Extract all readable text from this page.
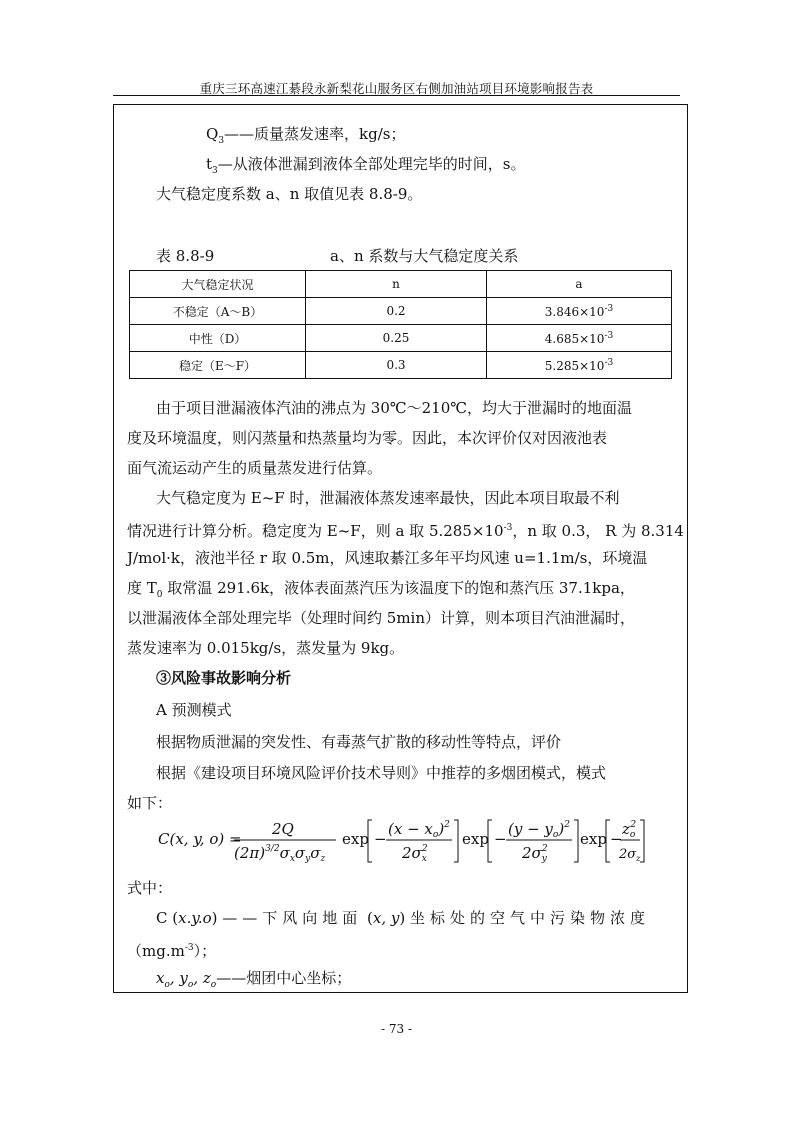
重庆三环高速江綦段永新梨花山服务区右侧加油站项目环境影响报告表
$Q_3——$质量蒸发速率，kg/s；
$t_3—$从液体泄漏到液体全部处理完毕的时间，s。
大气稳定度系数 a、n 取值见表 8.8-9。
表 8.8-9	a、n 系数与大气稳定度关系
大气稳定状况	n	a
不稳定（A～B）	0.2	$3.846\times 10^{-3}$
中性（D）	0.25	$4.685\times 10^{-3}$
稳定（E～F）	0.3	$5.285\times 10^{-3}$
由于项目泄漏液体汽油的沸点为 30℃～210℃，均大于泄漏时的地面温
度及环境温度，则闪蒸量和热蒸量均为零。因此，本次评价仅对因液池表
面气流运动产生的质量蒸发进行估算。
大气稳定度为 E~F 时，泄漏液体蒸发速率最快，因此本项目取最不利
情况进行计算分析。稳定度为 E~F，则 a 取 $5.285\times 10^{-3}$，n 取 0.3， R 为 8.314
J/mol·k，液池半径 r 取 0.5m，风速取綦江多年平均风速 u=1.1m/s，环境温
度 $T_0$ 取常温 291.6k，液体表面蒸汽压为该温度下的饱和蒸汽压 37.1kpa，
以泄漏液体全部处理完毕（处理时间约 5min）计算，则本项目汽油泄漏时，
蒸发速率为 0.015kg/s，蒸发量为 9kg。
③风险事故影响分析
A 预测模式
根据物质泄漏的突发性、有毒蒸气扩散的移动性等特点，评价
根据《建设项目环境风险评价技术导则》中推荐的多烟团模式，模式
如下：
C(x, y, o) =
2Q
$(2\pi)^{3/2}\sigma_x\sigma_y\sigma_z$
exp −
$(x - x_o)^2$
$2\sigma_x2$
exp −
$(y - y_o)^2$
$2\sigma_y2$
exp −
$z_o2$
$2\sigma_z$
式中：
C (x.y.o) ——下风向地面 (x, y) 坐标处的空气中污染物浓度
$(mg.m^{-3})$；
$x_o$, $y_o$, $z_o——$烟团中心坐标；
- 73 -
